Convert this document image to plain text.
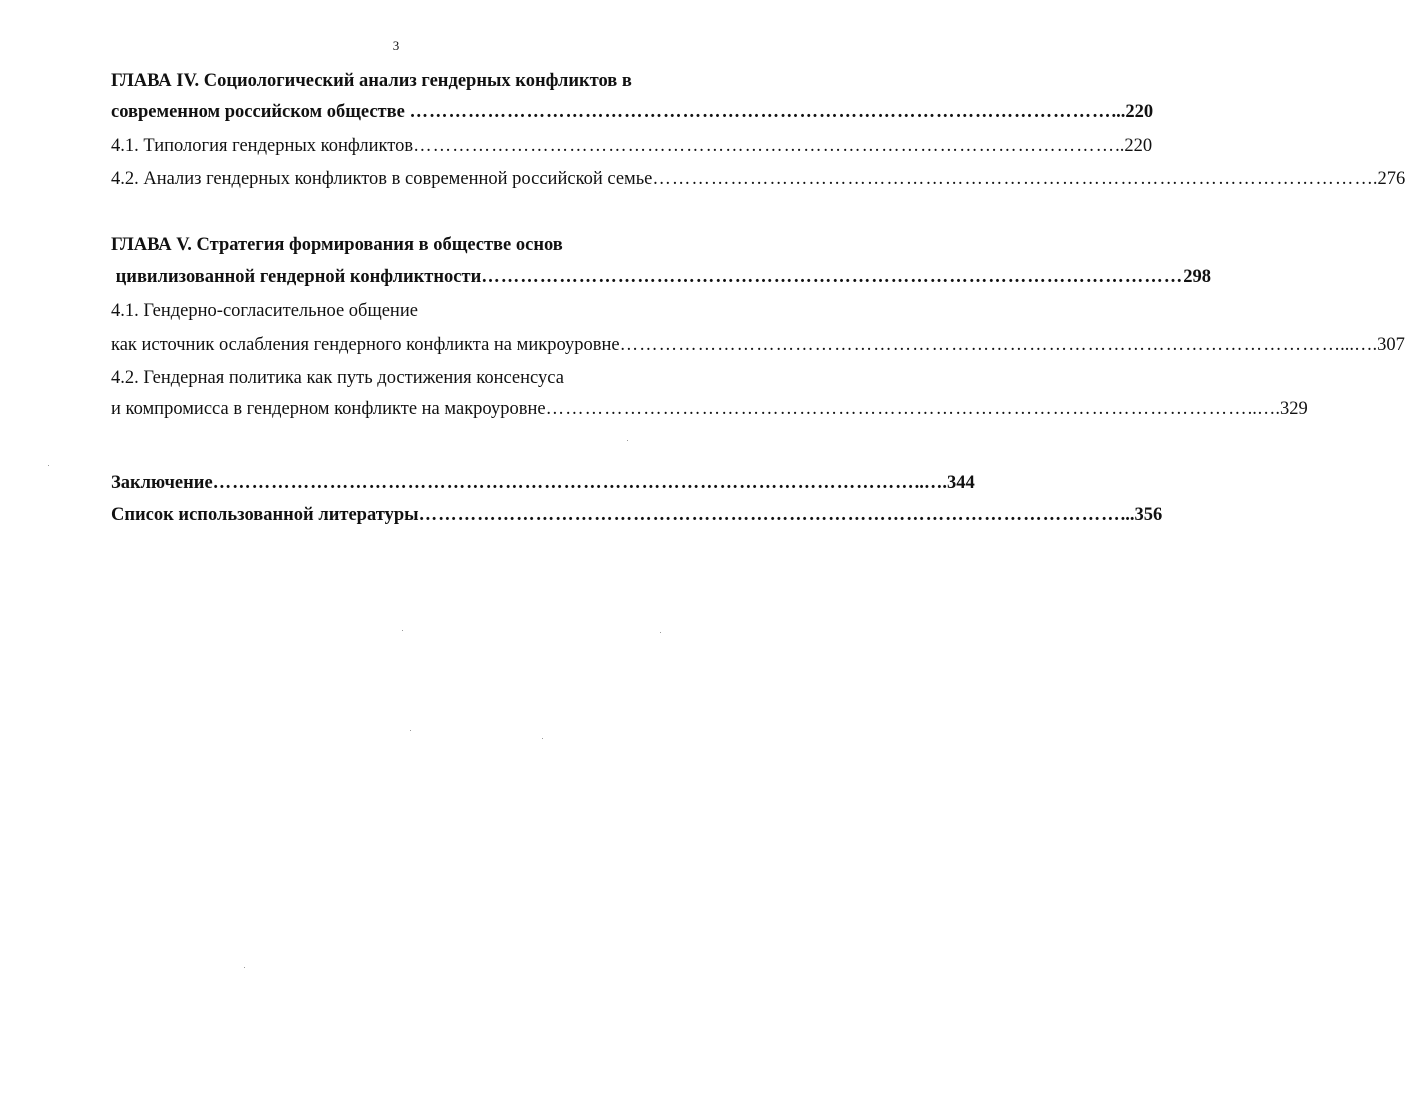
3
ГЛАВА IV. Социологический анализ гендерных конфликтов в
современном российском обществе ……………………………………………………………………………………………… ...220
4.1. Типология гендерных конфликтов ……………………………………………………………………………………………… ..220
4.2. Анализ гендерных конфликтов в современной российской семье ……………………………………………………………………………………………… ….276
ГЛАВА V. Стратегия формирования в обществе основ
цивилизованной гендерной конфликтности ……………………………………………………………………………………………… 298
4.1. Гендерно-согласительное общение
как источник ослабления гендерного конфликта на микроуровне ……………………………………………………………………………………………… …...….307
4.2. Гендерная политика как путь достижения консенсуса
и компромисса в гендерном конфликте на макроуровне ……………………………………………………………………………………………… ..….329
Заключение ……………………………………………………………………………………………… ..….344
Список использованной литературы ……………………………………………………………………………………………… ...356
